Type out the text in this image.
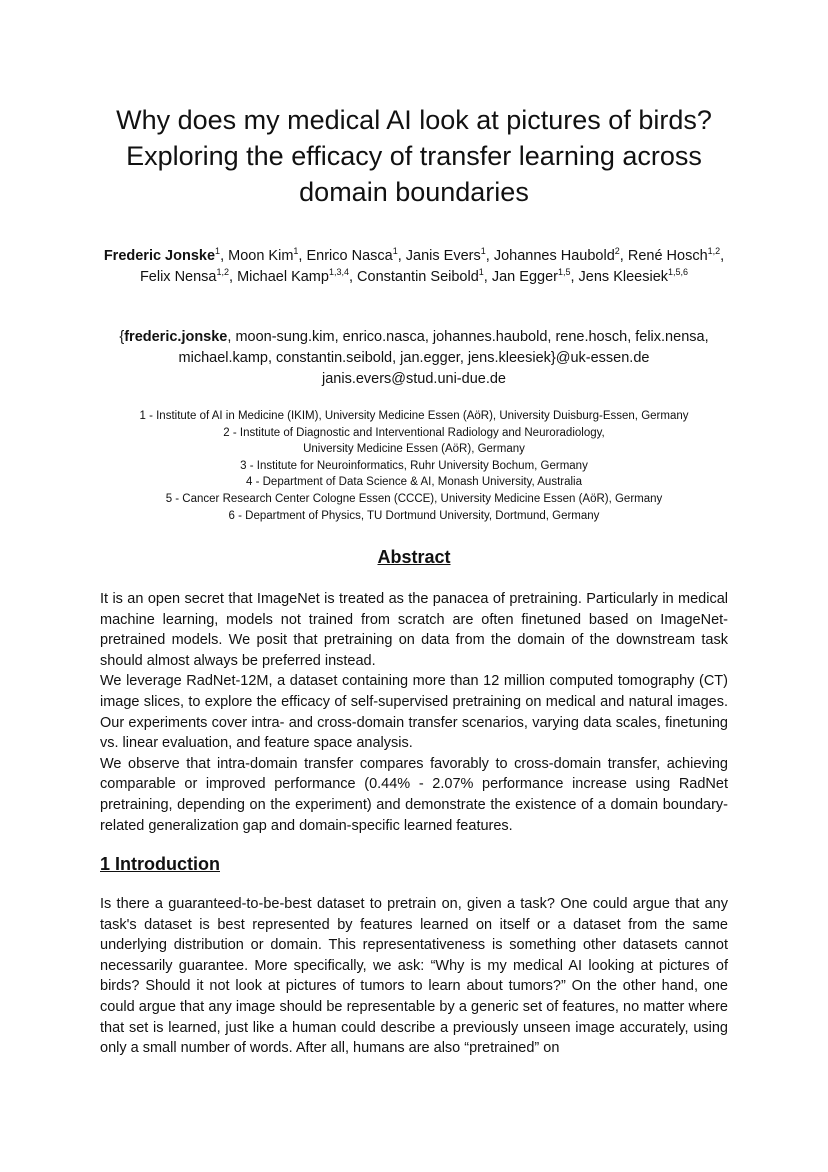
Why does my medical AI look at pictures of birds?
Exploring the efficacy of transfer learning across
domain boundaries
Frederic Jonske$^1$, Moon Kim$^1$, Enrico Nasca$^1$, Janis Evers$^1$, Johannes Haubold$^2$, René Hosch$^{1,2}$, Felix Nensa$^{1,2}$, Michael Kamp$^{1,3,4}$, Constantin Seibold$^1$, Jan Egger$^{1,5}$, Jens Kleesiek$^{1,5,6}$
{frederic.jonske, moon-sung.kim, enrico.nasca, johannes.haubold, rene.hosch, felix.nensa,
michael.kamp, constantin.seibold, jan.egger, jens.kleesiek}@uk-essen.de
janis.evers@stud.uni-due.de
1 - Institute of AI in Medicine (IKIM), University Medicine Essen (AöR), University Duisburg-Essen, Germany
2 - Institute of Diagnostic and Interventional Radiology and Neuroradiology,
University Medicine Essen (AöR), Germany
3 - Institute for Neuroinformatics, Ruhr University Bochum, Germany
4 - Department of Data Science & AI, Monash University, Australia
5 - Cancer Research Center Cologne Essen (CCCE), University Medicine Essen (AöR), Germany
6 - Department of Physics, TU Dortmund University, Dortmund, Germany
Abstract

It is an open secret that ImageNet is treated as the panacea of pretraining. Particularly in medical machine learning, models not trained from scratch are often finetuned based on ImageNet-pretrained models. We posit that pretraining on data from the domain of the downstream task should almost always be preferred instead.

We leverage RadNet-12M, a dataset containing more than 12 million computed tomography (CT) image slices, to explore the efficacy of self-supervised pretraining on medical and natural images. Our experiments cover intra- and cross-domain transfer scenarios, varying data scales, finetuning vs. linear evaluation, and feature space analysis.

We observe that intra-domain transfer compares favorably to cross-domain transfer, achieving comparable or improved performance (0.44% - 2.07% performance increase using RadNet pretraining, depending on the experiment) and demonstrate the existence of a domain boundary-related generalization gap and domain-specific learned features.

1 Introduction

Is there a guaranteed-to-be-best dataset to pretrain on, given a task? One could argue that any task's dataset is best represented by features learned on itself or a dataset from the same underlying distribution or domain. This representativeness is something other datasets cannot necessarily guarantee. More specifically, we ask: “Why is my medical AI looking at pictures of birds? Should it not look at pictures of tumors to learn about tumors?” On the other hand, one could argue that any image should be representable by a generic set of features, no matter where that set is learned, just like a human could describe a previously unseen image accurately, using only a small number of words. After all, humans are also “pretrained” on
